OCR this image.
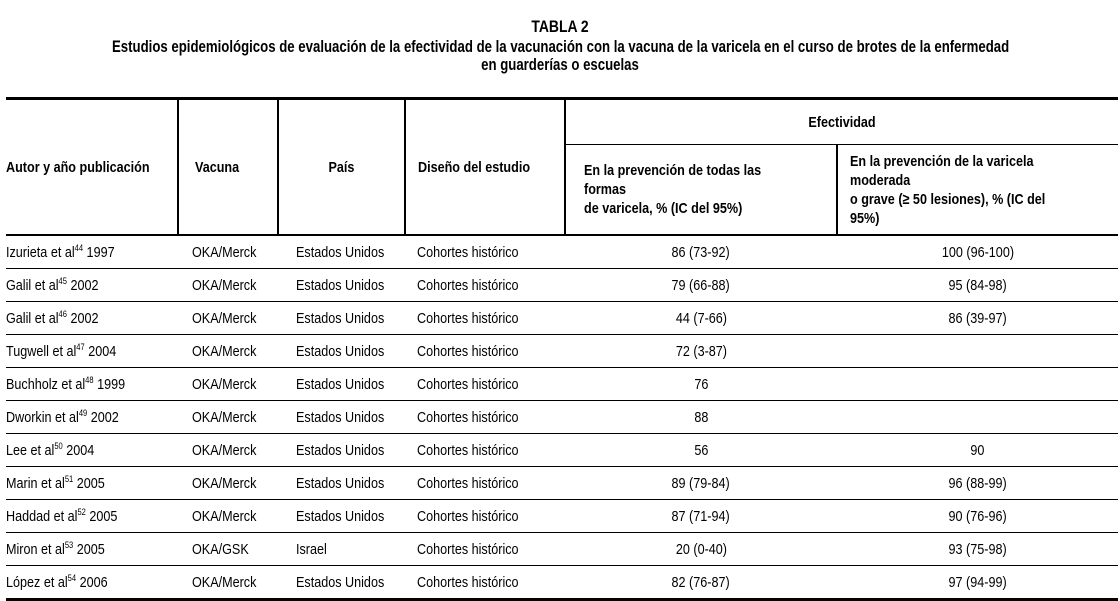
TABLA 2
Estudios epidemiológicos de evaluación de la efectividad de la vacunación con la vacuna de la varicela en el curso de brotes de la enfermedad
en guarderías o escuelas
Autor y año publicación	Vacuna	País	Diseño del estudio	Efectividad	
				En la prevención de todas las formas
de varicela, % (IC del 95%)	En la prevención de la varicela moderada
o grave (≥ 50 lesiones), % (IC del 95%)
Izurieta et $al^{44}$ 1997	OKA/Merck	Estados Unidos	Cohortes histórico	86 (73-92)	100 (96-100)
Galil et $al^{45}$ 2002	OKA/Merck	Estados Unidos	Cohortes histórico	79 (66-88)	95 (84-98)
Galil et $al^{46}$ 2002	OKA/Merck	Estados Unidos	Cohortes histórico	44 (7-66)	86 (39-97)
Tugwell et $al^{47}$ 2004	OKA/Merck	Estados Unidos	Cohortes histórico	72 (3-87)	
Buchholz et $al^{48}$ 1999	OKA/Merck	Estados Unidos	Cohortes histórico	76	
Dworkin et $al^{49}$ 2002	OKA/Merck	Estados Unidos	Cohortes histórico	88	
Lee et $al^{50}$ 2004	OKA/Merck	Estados Unidos	Cohortes histórico	56	90
Marin et $al^{51}$ 2005	OKA/Merck	Estados Unidos	Cohortes histórico	89 (79-84)	96 (88-99)
Haddad et $al^{52}$ 2005	OKA/Merck	Estados Unidos	Cohortes histórico	87 (71-94)	90 (76-96)
Miron et $al^{53}$ 2005	OKA/GSK	Israel	Cohortes histórico	20 (0-40)	93 (75-98)
López et $al^{54}$ 2006	OKA/Merck	Estados Unidos	Cohortes histórico	82 (76-87)	97 (94-99)
